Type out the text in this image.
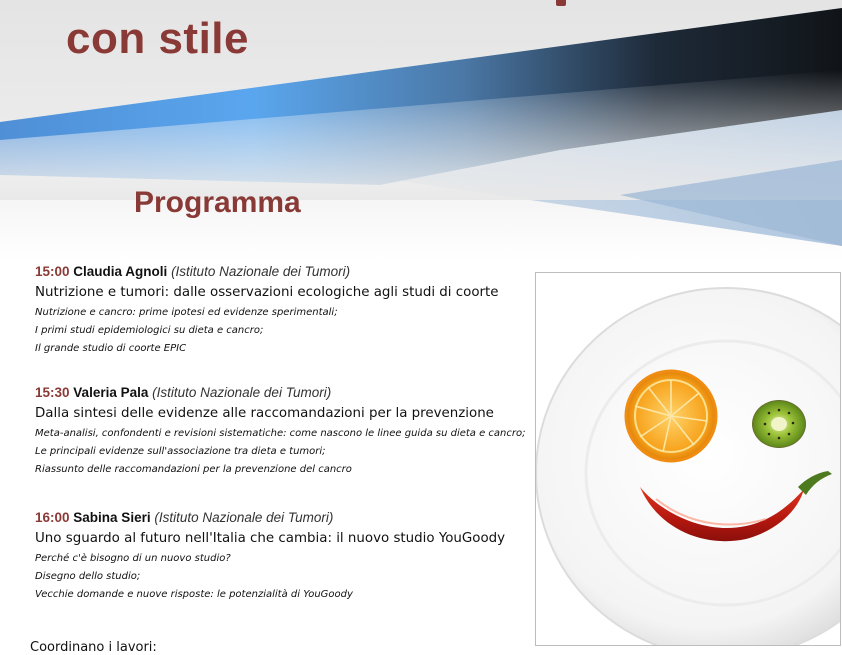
con stile
Programma
15:00 Claudia Agnoli (Istituto Nazionale dei Tumori)
Nutrizione e tumori: dalle osservazioni ecologiche agli studi di coorte
Nutrizione e cancro: prime ipotesi ed evidenze sperimentali;
I primi studi epidemiologici su dieta e cancro;
Il grande studio di coorte EPIC
15:30 Valeria Pala (Istituto Nazionale dei Tumori)
Dalla sintesi delle evidenze alle raccomandazioni per la prevenzione
Meta-analisi, confondenti e revisioni sistematiche: come nascono le linee guida su dieta e cancro;
Le principali evidenze sull'associazione tra dieta e tumori;
Riassunto delle raccomandazioni per la prevenzione del cancro
16:00 Sabina Sieri (Istituto Nazionale dei Tumori)
Uno sguardo al futuro nell'Italia che cambia: il nuovo studio YouGoody
Perché c'è bisogno di un nuovo studio?
Disegno dello studio;
Vecchie domande e nuove risposte: le potenzialità di YouGoody
Coordinano i lavori:
